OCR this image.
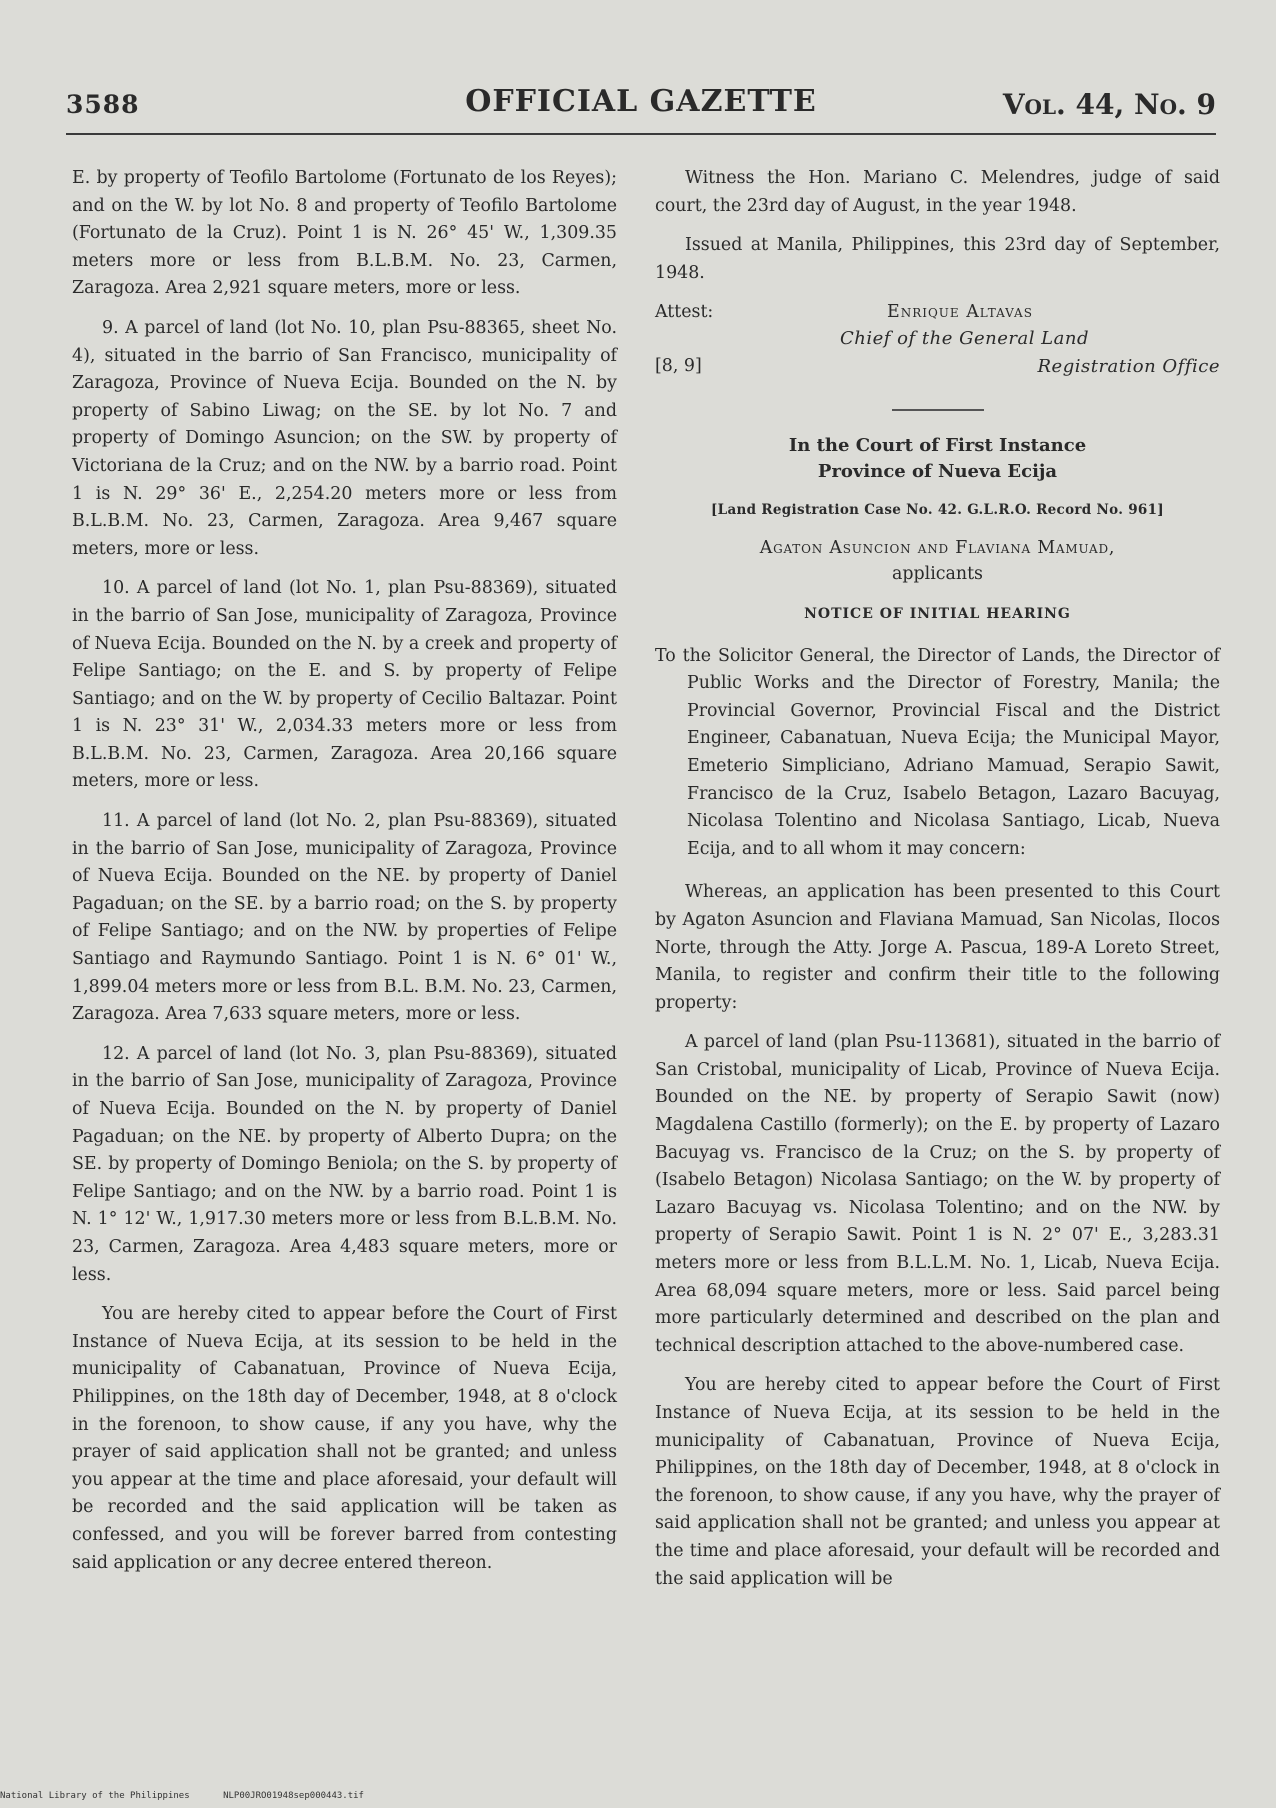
3588	OFFICIAL GAZETTE	Vol. 44, No. 9

E. by property of Teofilo Bartolome (Fortunato de los Reyes); and on the W. by lot No. 8 and property of Teofilo Bartolome (Fortunato de la Cruz). Point 1 is N. 26° 45' W., 1,309.35 meters more or less from B.L.B.M. No. 23, Carmen, Zaragoza. Area 2,921 square meters, more or less.

9. A parcel of land (lot No. 10, plan Psu-88365, sheet No. 4), situated in the barrio of San Francisco, municipality of Zaragoza, Province of Nueva Ecija. Bounded on the N. by property of Sabino Liwag; on the SE. by lot No. 7 and property of Domingo Asuncion; on the SW. by property of Victoriana de la Cruz; and on the NW. by a barrio road. Point 1 is N. 29° 36' E., 2,254.20 meters more or less from B.L.B.M. No. 23, Carmen, Zaragoza. Area 9,467 square meters, more or less.

10. A parcel of land (lot No. 1, plan Psu-88369), situated in the barrio of San Jose, municipality of Zaragoza, Province of Nueva Ecija. Bounded on the N. by a creek and property of Felipe Santiago; on the E. and S. by property of Felipe Santiago; and on the W. by property of Cecilio Baltazar. Point 1 is N. 23° 31' W., 2,034.33 meters more or less from B.L.B.M. No. 23, Carmen, Zaragoza. Area 20,166 square meters, more or less.

11. A parcel of land (lot No. 2, plan Psu-88369), situated in the barrio of San Jose, municipality of Zaragoza, Province of Nueva Ecija. Bounded on the NE. by property of Daniel Pagaduan; on the SE. by a barrio road; on the S. by property of Felipe Santiago; and on the NW. by properties of Felipe Santiago and Raymundo Santiago. Point 1 is N. 6° 01' W., 1,899.04 meters more or less from B.L. B.M. No. 23, Carmen, Zaragoza. Area 7,633 square meters, more or less.

12. A parcel of land (lot No. 3, plan Psu-88369), situated in the barrio of San Jose, municipality of Zaragoza, Province of Nueva Ecija. Bounded on the N. by property of Daniel Pagaduan; on the NE. by property of Alberto Dupra; on the SE. by property of Domingo Beniola; on the S. by property of Felipe Santiago; and on the NW. by a barrio road. Point 1 is N. 1° 12' W., 1,917.30 meters more or less from B.L.B.M. No. 23, Carmen, Zaragoza. Area 4,483 square meters, more or less.

You are hereby cited to appear before the Court of First Instance of Nueva Ecija, at its session to be held in the municipality of Cabanatuan, Province of Nueva Ecija, Philippines, on the 18th day of December, 1948, at 8 o'clock in the forenoon, to show cause, if any you have, why the prayer of said application shall not be granted; and unless you appear at the time and place aforesaid, your default will be recorded and the said application will be taken as confessed, and you will be forever barred from contesting said application or any decree entered thereon.

Witness the Hon. Mariano C. Melendres, judge of said court, the 23rd day of August, in the year 1948.

Issued at Manila, Philippines, this 23rd day of September, 1948.

Attest:	Enrique Altavas
Chief of the General Land
[8, 9]	Registration Office
In the Court of First Instance
Province of Nueva Ecija
[Land Registration Case No. 42. G.L.R.O. Record No. 961]
Agaton Asuncion and Flaviana Mamuad,
applicants
NOTICE OF INITIAL HEARING

To the Solicitor General, the Director of Lands, the Director of Public Works and the Director of Forestry, Manila; the Provincial Governor, Provincial Fiscal and the District Engineer, Cabanatuan, Nueva Ecija; the Municipal Mayor, Emeterio Simpliciano, Adriano Mamuad, Serapio Sawit, Francisco de la Cruz, Isabelo Betagon, Lazaro Bacuyag, Nicolasa Tolentino and Nicolasa Santiago, Licab, Nueva Ecija, and to all whom it may concern:

Whereas, an application has been presented to this Court by Agaton Asuncion and Flaviana Mamuad, San Nicolas, Ilocos Norte, through the Atty. Jorge A. Pascua, 189-A Loreto Street, Manila, to register and confirm their title to the following property:

A parcel of land (plan Psu-113681), situated in the barrio of San Cristobal, municipality of Licab, Province of Nueva Ecija. Bounded on the NE. by property of Serapio Sawit (now) Magdalena Castillo (formerly); on the E. by property of Lazaro Bacuyag vs. Francisco de la Cruz; on the S. by property of (Isabelo Betagon) Nicolasa Santiago; on the W. by property of Lazaro Bacuyag vs. Nicolasa Tolentino; and on the NW. by property of Serapio Sawit. Point 1 is N. 2° 07' E., 3,283.31 meters more or less from B.L.L.M. No. 1, Licab, Nueva Ecija. Area 68,094 square meters, more or less. Said parcel being more particularly determined and described on the plan and technical description attached to the above-numbered case.

You are hereby cited to appear before the Court of First Instance of Nueva Ecija, at its session to be held in the municipality of Cabanatuan, Province of Nueva Ecija, Philippines, on the 18th day of December, 1948, at 8 o'clock in the forenoon, to show cause, if any you have, why the prayer of said application shall not be granted; and unless you appear at the time and place aforesaid, your default will be recorded and the said application will be

National Library of the Philippines	NLP00JRO01948sep000443.tif
